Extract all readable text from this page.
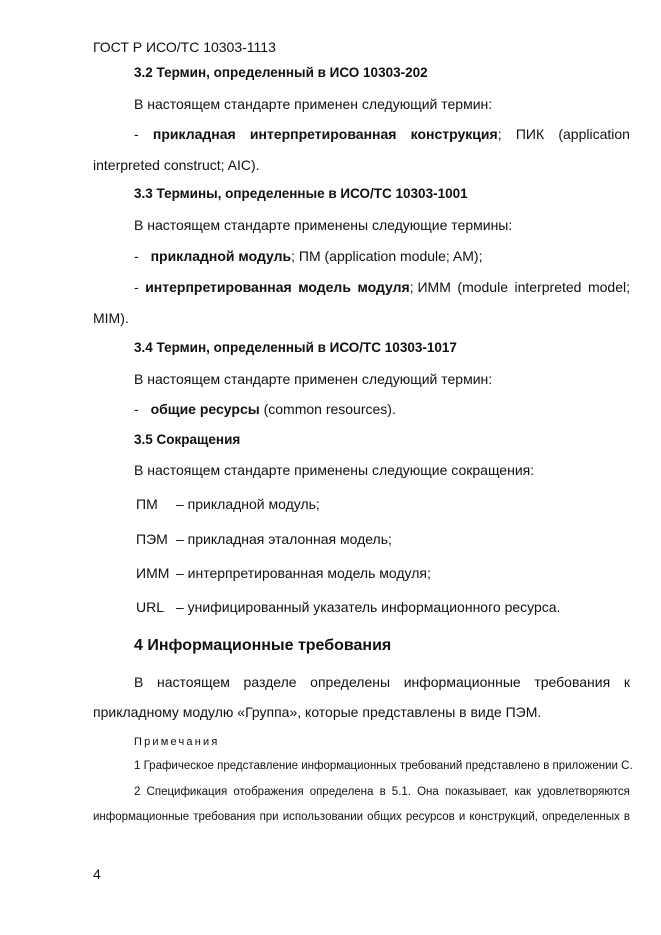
ГОСТ Р ИСО/ТС 10303-1113
3.2 Термин, определенный в ИСО 10303-202
В настоящем стандарте применен следующий термин:
- прикладная интерпретированная конструкция; ПИК (application
interpreted construct; AIC).
3.3 Термины, определенные в ИСО/ТС 10303-1001
В настоящем стандарте применены следующие термины:
- прикладной модуль; ПМ (application module; AM);
- интерпретированная модель модуля; ИММ (module interpreted model;
MIM).
3.4 Термин, определенный в ИСО/ТС 10303-1017
В настоящем стандарте применен следующий термин:
- общие ресурсы (common resources).
3.5 Сокращения
В настоящем стандарте применены следующие сокращения:
ПМ – прикладной модуль;
ПЭМ – прикладная эталонная модель;
ИММ – интерпретированная модель модуля;
URL – унифицированный указатель информационного ресурса.
4 Информационные требования
В настоящем разделе определены информационные требования к
прикладному модулю «Группа», которые представлены в виде ПЭМ.
Примечания
1 Графическое представление информационных требований представлено в приложении С.
2 Спецификация отображения определена в 5.1. Она показывает, как удовлетворяются
информационные требования при использовании общих ресурсов и конструкций, определенных в
4
